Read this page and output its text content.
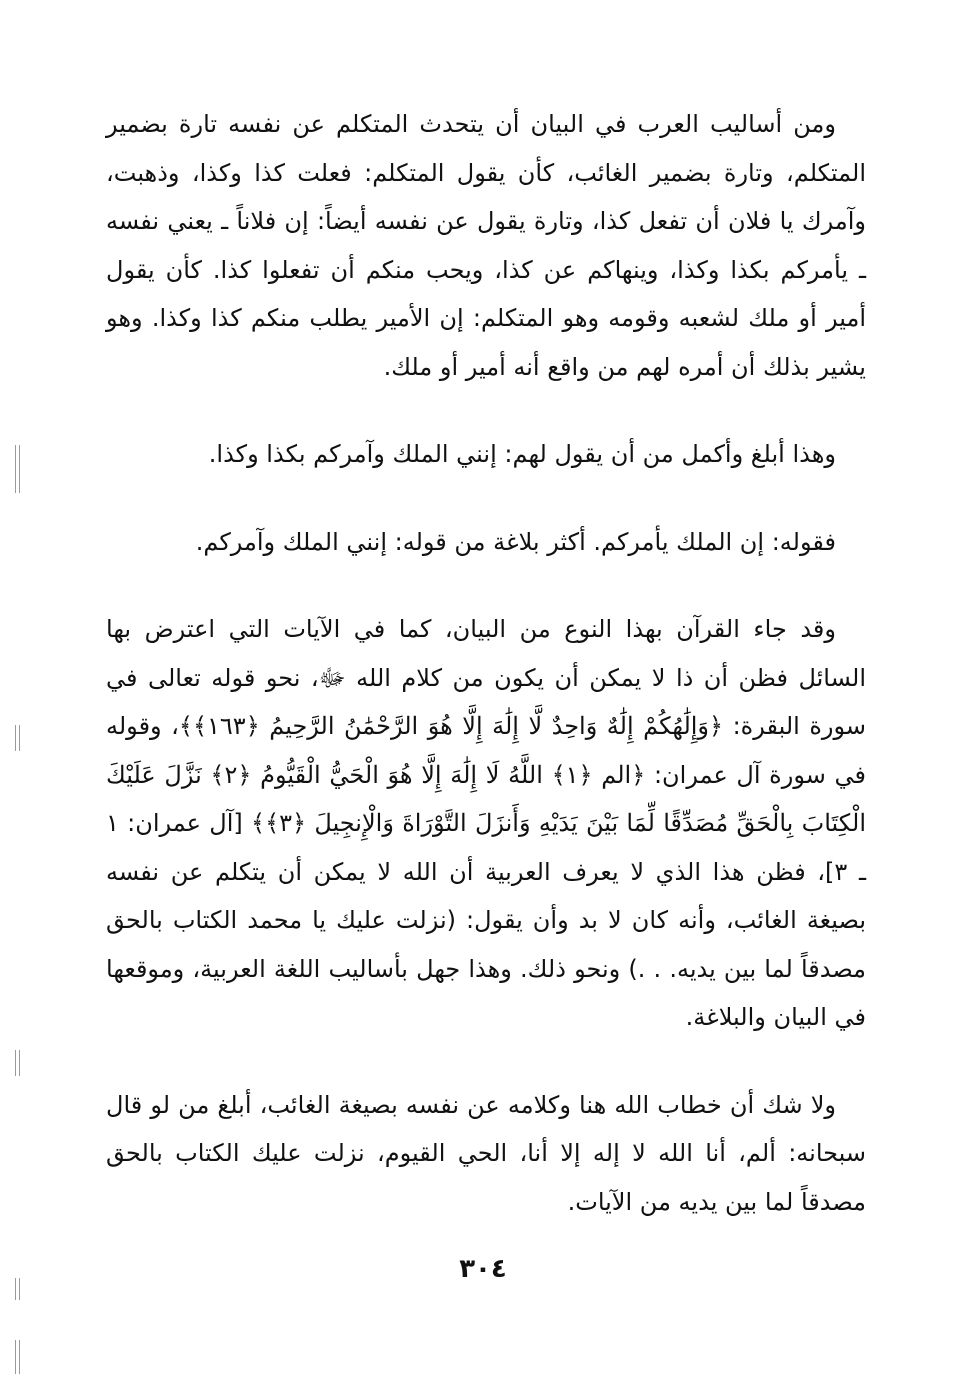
ومن أساليب العرب في البيان أن يتحدث المتكلم عن نفسه تارة بضمير المتكلم، وتارة بضمير الغائب، كأن يقول المتكلم: فعلت كذا وكذا، وذهبت، وآمرك يا فلان أن تفعل كذا، وتارة يقول عن نفسه أيضاً: إن فلاناً ـ يعني نفسه ـ يأمركم بكذا وكذا، وينهاكم عن كذا، ويحب منكم أن تفعلوا كذا. كأن يقول أمير أو ملك لشعبه وقومه وهو المتكلم: إن الأمير يطلب منكم كذا وكذا. وهو يشير بذلك أن أمره لهم من واقع أنه أمير أو ملك.

وهذا أبلغ وأكمل من أن يقول لهم: إنني الملك وآمركم بكذا وكذا.

فقوله: إن الملك يأمركم. أكثر بلاغة من قوله: إنني الملك وآمركم.

وقد جاء القرآن بهذا النوع من البيان، كما في الآيات التي اعترض بها السائل فظن أن ذا لا يمكن أن يكون من كلام الله ﷻ، نحو قوله تعالى في سورة البقرة: ﴿وَإِلَٰهُكُمْ إِلَٰهٌ وَاحِدٌ لَّا إِلَٰهَ إِلَّا هُوَ الرَّحْمَٰنُ الرَّحِيمُ ﴿١٦٣﴾﴾، وقوله في سورة آل عمران: ﴿الم ﴿١﴾ اللَّهُ لَا إِلَٰهَ إِلَّا هُوَ الْحَيُّ الْقَيُّومُ ﴿٢﴾ نَزَّلَ عَلَيْكَ الْكِتَابَ بِالْحَقِّ مُصَدِّقًا لِّمَا بَيْنَ يَدَيْهِ وَأَنزَلَ التَّوْرَاةَ وَالْإِنجِيلَ ﴿٣﴾﴾ [آل عمران: ١ ـ ٣]، فظن هذا الذي لا يعرف العربية أن الله لا يمكن أن يتكلم عن نفسه بصيغة الغائب، وأنه كان لا بد وأن يقول: (نزلت عليك يا محمد الكتاب بالحق مصدقاً لما بين يديه. . .) ونحو ذلك. وهذا جهل بأساليب اللغة العربية، وموقعها في البيان والبلاغة.

ولا شك أن خطاب الله هنا وكلامه عن نفسه بصيغة الغائب، أبلغ من لو قال سبحانه: ألم، أنا الله لا إله إلا أنا، الحي القيوم، نزلت عليك الكتاب بالحق مصدقاً لما بين يديه من الآيات.

٣٠٤
